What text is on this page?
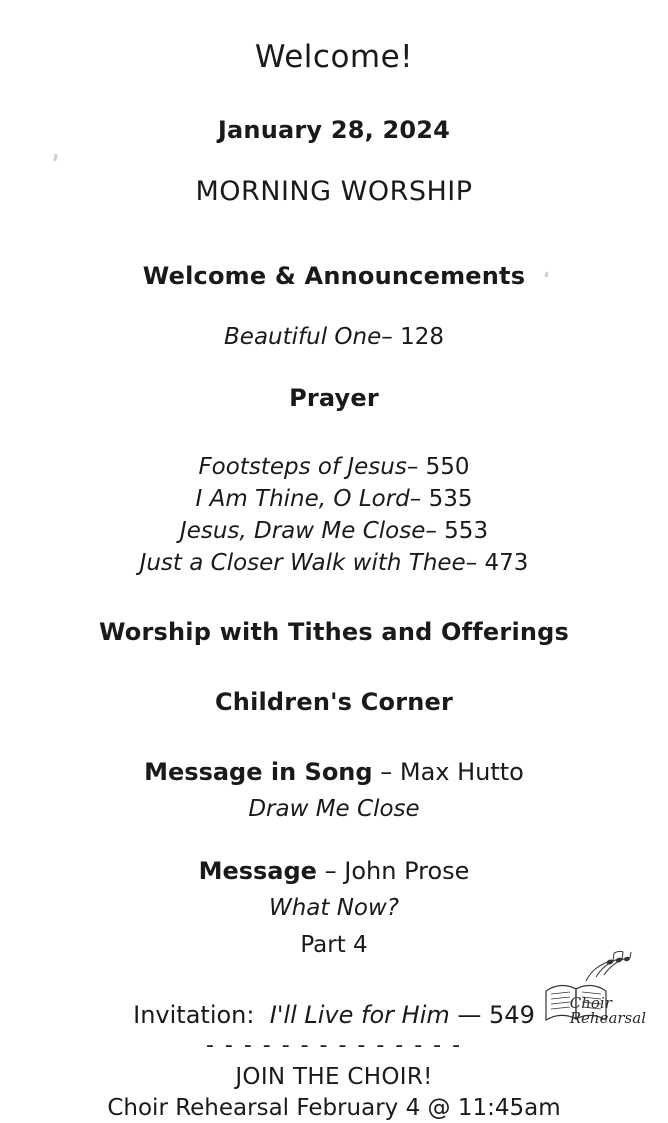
Welcome!
January 28, 2024
MORNING WORSHIP
Welcome & Announcements
Beautiful One– 128
Prayer
Footsteps of Jesus– 550
I Am Thine, O Lord– 535
Jesus, Draw Me Close– 553
Just a Closer Walk with Thee– 473
Worship with Tithes and Offerings
Children's Corner
Message in Song – Max Hutto
Draw Me Close
Message – John Prose
What Now?
Part 4
Invitation: I'll Live for Him — 549
- - - - - - - - - - - - - -
JOIN THE CHOIR!
Choir Rehearsal February 4 @ 11:45am
Choir
Rehearsal
